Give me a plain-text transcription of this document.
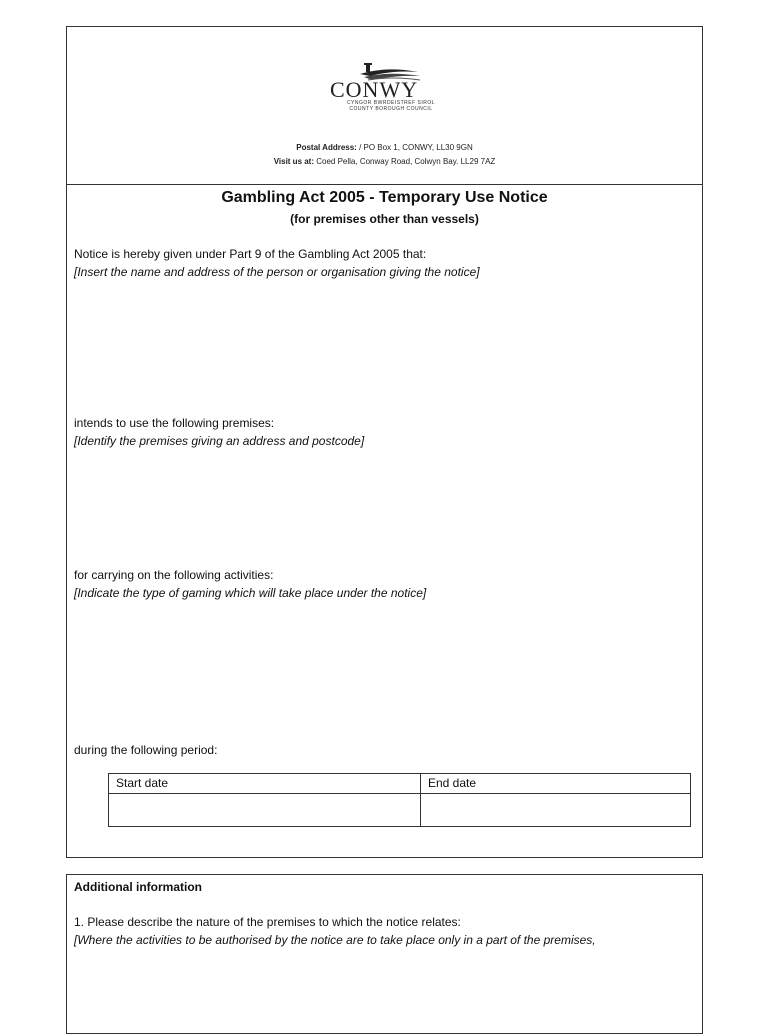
CONWY
CYNGOR BWRDEISTREF SIROL
COUNTY BOROUGH COUNCIL
Postal Address: / PO Box 1, CONWY, LL30 9GN
Visit us at: Coed Pella, Conway Road, Colwyn Bay. LL29 7AZ
Gambling Act 2005 - Temporary Use Notice
(for premises other than vessels)
Notice is hereby given under Part 9 of the Gambling Act 2005 that:
[Insert the name and address of the person or organisation giving the notice]
intends to use the following premises:
[Identify the premises giving an address and postcode]
for carrying on the following activities:
[Indicate the type of gaming which will take place under the notice]
during the following period:
Start date	End date

Additional information
1. Please describe the nature of the premises to which the notice relates:
[Where the activities to be authorised by the notice are to take place only in a part of the premises,
